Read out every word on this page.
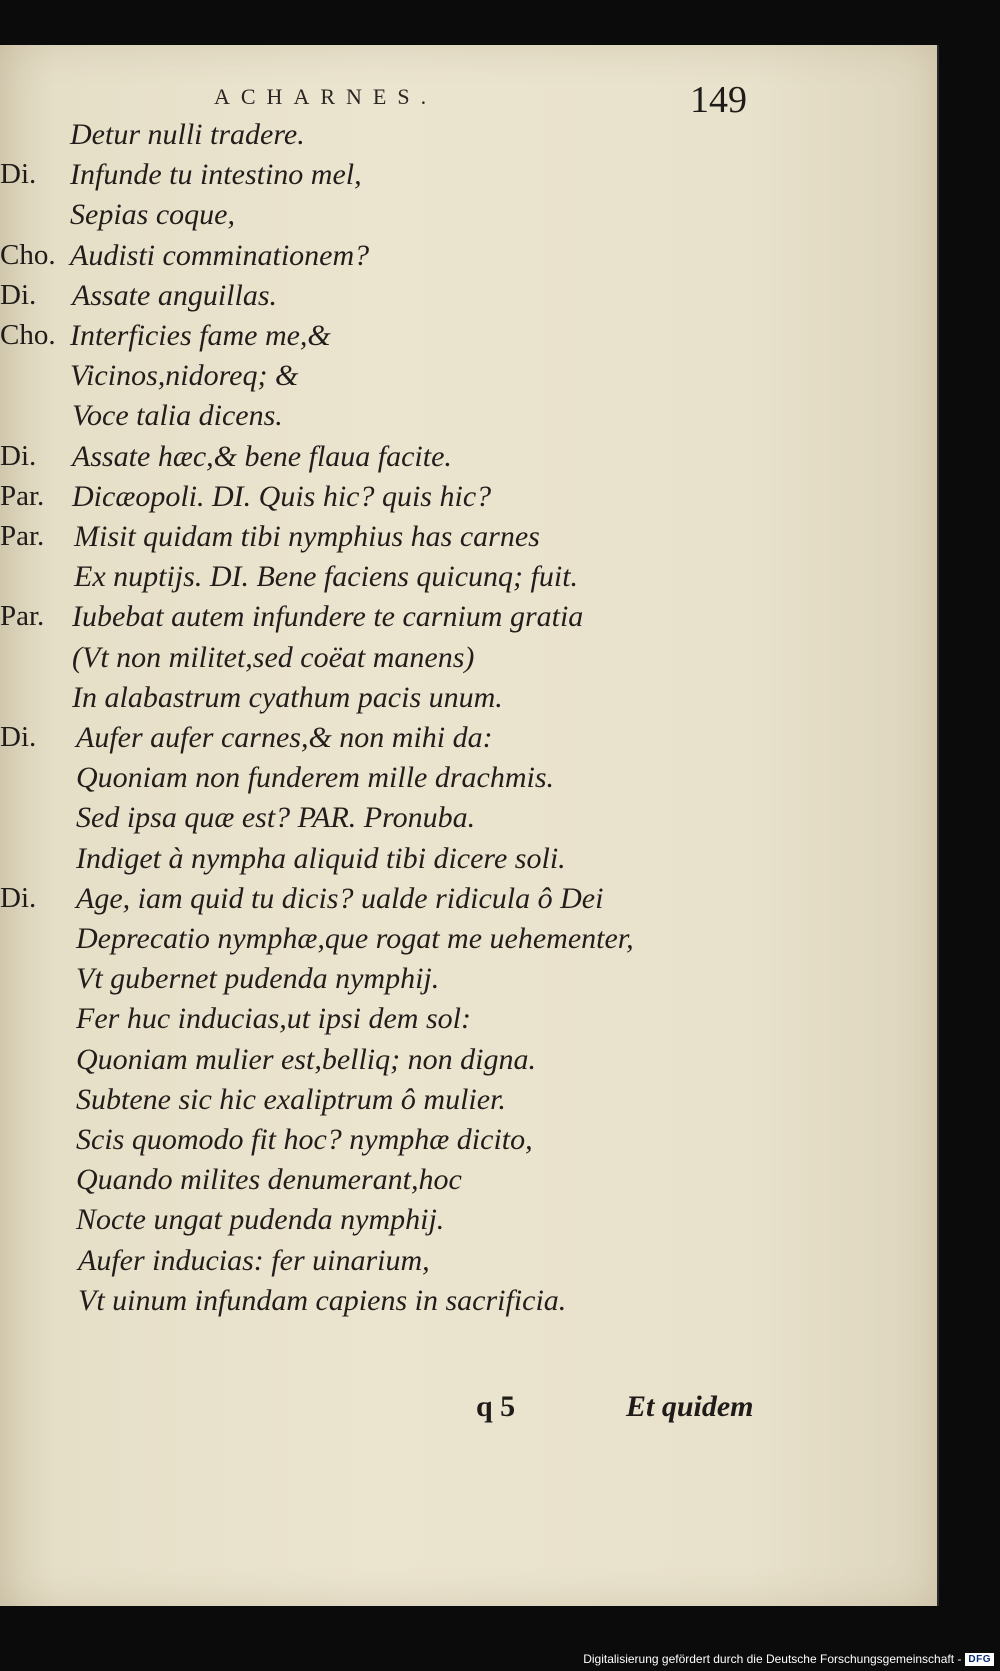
ACHARNES.	149
Detur nulli tradere.
Di. Infunde tu intestino mel,
Sepias coque,
Cho. Audisti comminationem?
Di. Assate anguillas.
Cho. Interficies fame me,&
Vicinos,nidoreq; &
Voce talia dicens.
Di. Assate hæc,& bene flaua facite.
Par. Dicæopoli. DI. Quis hic? quis hic?
Par. Misit quidam tibi nymphius has carnes
Ex nuptijs. DI. Bene faciens quicunq; fuit.
Par. Iubebat autem infundere te carnium gratia
(Vt non militet,sed coëat manens)
In alabastrum cyathum pacis unum.
Di. Aufer aufer carnes,& non mihi da:
Quoniam non funderem mille drachmis.
Sed ipsa quæ est? PAR. Pronuba.
Indiget à nympha aliquid tibi dicere soli.
Di. Age, iam quid tu dicis? ualde ridicula ô Dei
Deprecatio nymphæ,que rogat me uehementer,
Vt gubernet pudenda nymphij.
Fer huc inducias,ut ipsi dem sol:
Quoniam mulier est,belliq; non digna.
Subtene sic hic exaliptrum ô mulier.
Scis quomodo fit hoc? nymphæ dicito,
Quando milites denumerant,hoc
Nocte ungat pudenda nymphij.
Aufer inducias: fer uinarium,
Vt uinum infundam capiens in sacrificia.
q 5	Et quidem
Digitalisierung gefördert durch die Deutsche Forschungsgemeinschaft - DFG
